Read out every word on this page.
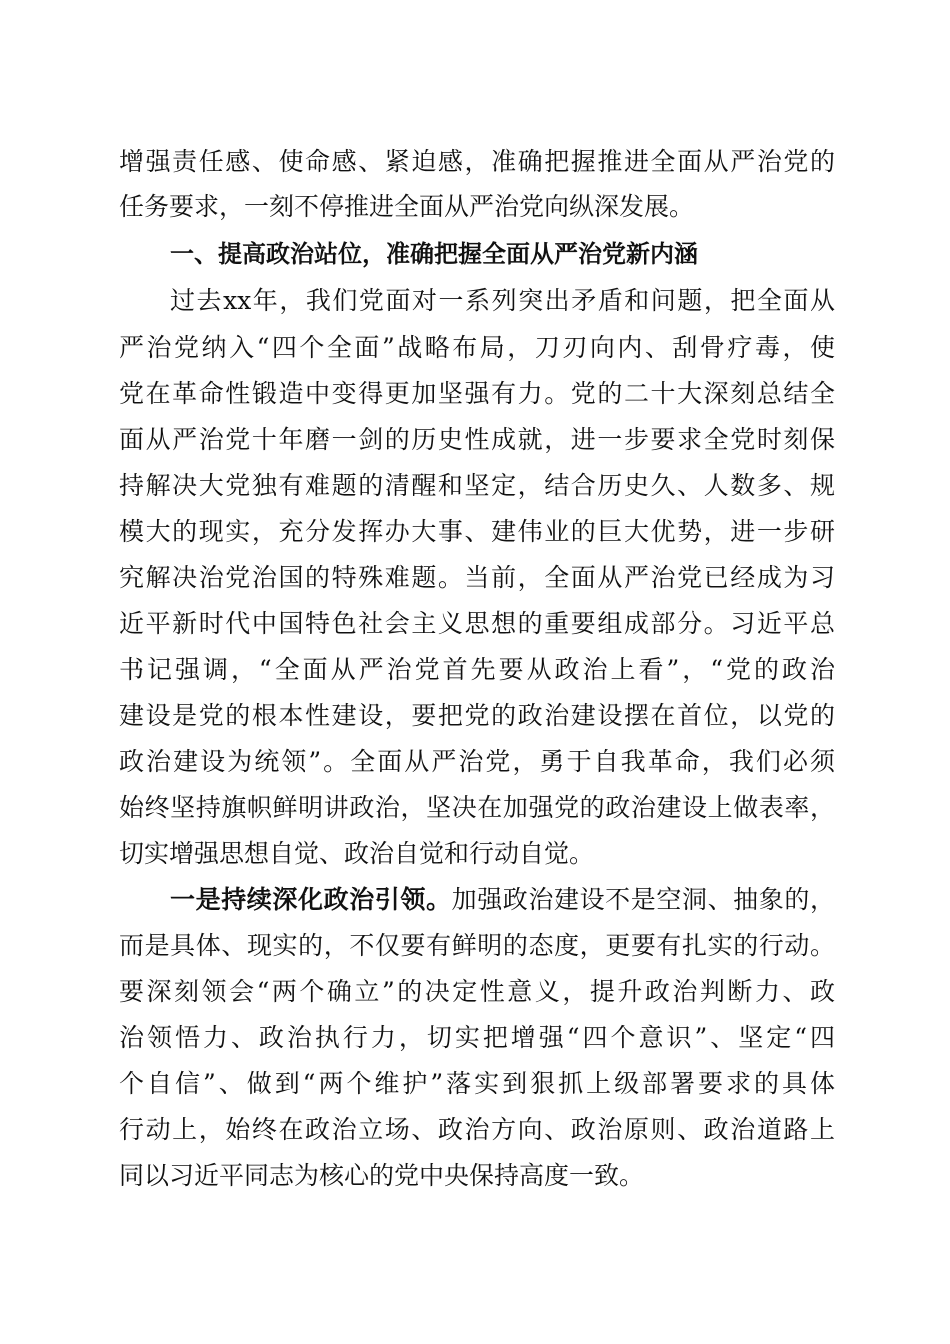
增强责任感、使命感、紧迫感，准确把握推进全面从严治党的
任务要求，一刻不停推进全面从严治党向纵深发展。
一、提高政治站位，准确把握全面从严治党新内涵
过去xx年，我们党面对一系列突出矛盾和问题，把全面从
严治党纳入“四个全面”战略布局，刀刃向内、刮骨疗毒，使
党在革命性锻造中变得更加坚强有力。党的二十大深刻总结全
面从严治党十年磨一剑的历史性成就，进一步要求全党时刻保
持解决大党独有难题的清醒和坚定，结合历史久、人数多、规
模大的现实，充分发挥办大事、建伟业的巨大优势，进一步研
究解决治党治国的特殊难题。当前，全面从严治党已经成为习
近平新时代中国特色社会主义思想的重要组成部分。习近平总
书记强调，“全面从严治党首先要从政治上看”，“党的政治
建设是党的根本性建设，要把党的政治建设摆在首位，以党的
政治建设为统领”。全面从严治党，勇于自我革命，我们必须
始终坚持旗帜鲜明讲政治，坚决在加强党的政治建设上做表率，
切实增强思想自觉、政治自觉和行动自觉。
一是持续深化政治引领。加强政治建设不是空洞、抽象的，
而是具体、现实的，不仅要有鲜明的态度，更要有扎实的行动。
要深刻领会“两个确立”的决定性意义，提升政治判断力、政
治领悟力、政治执行力，切实把增强“四个意识”、坚定“四
个自信”、做到“两个维护”落实到狠抓上级部署要求的具体
行动上，始终在政治立场、政治方向、政治原则、政治道路上
同以习近平同志为核心的党中央保持高度一致。
